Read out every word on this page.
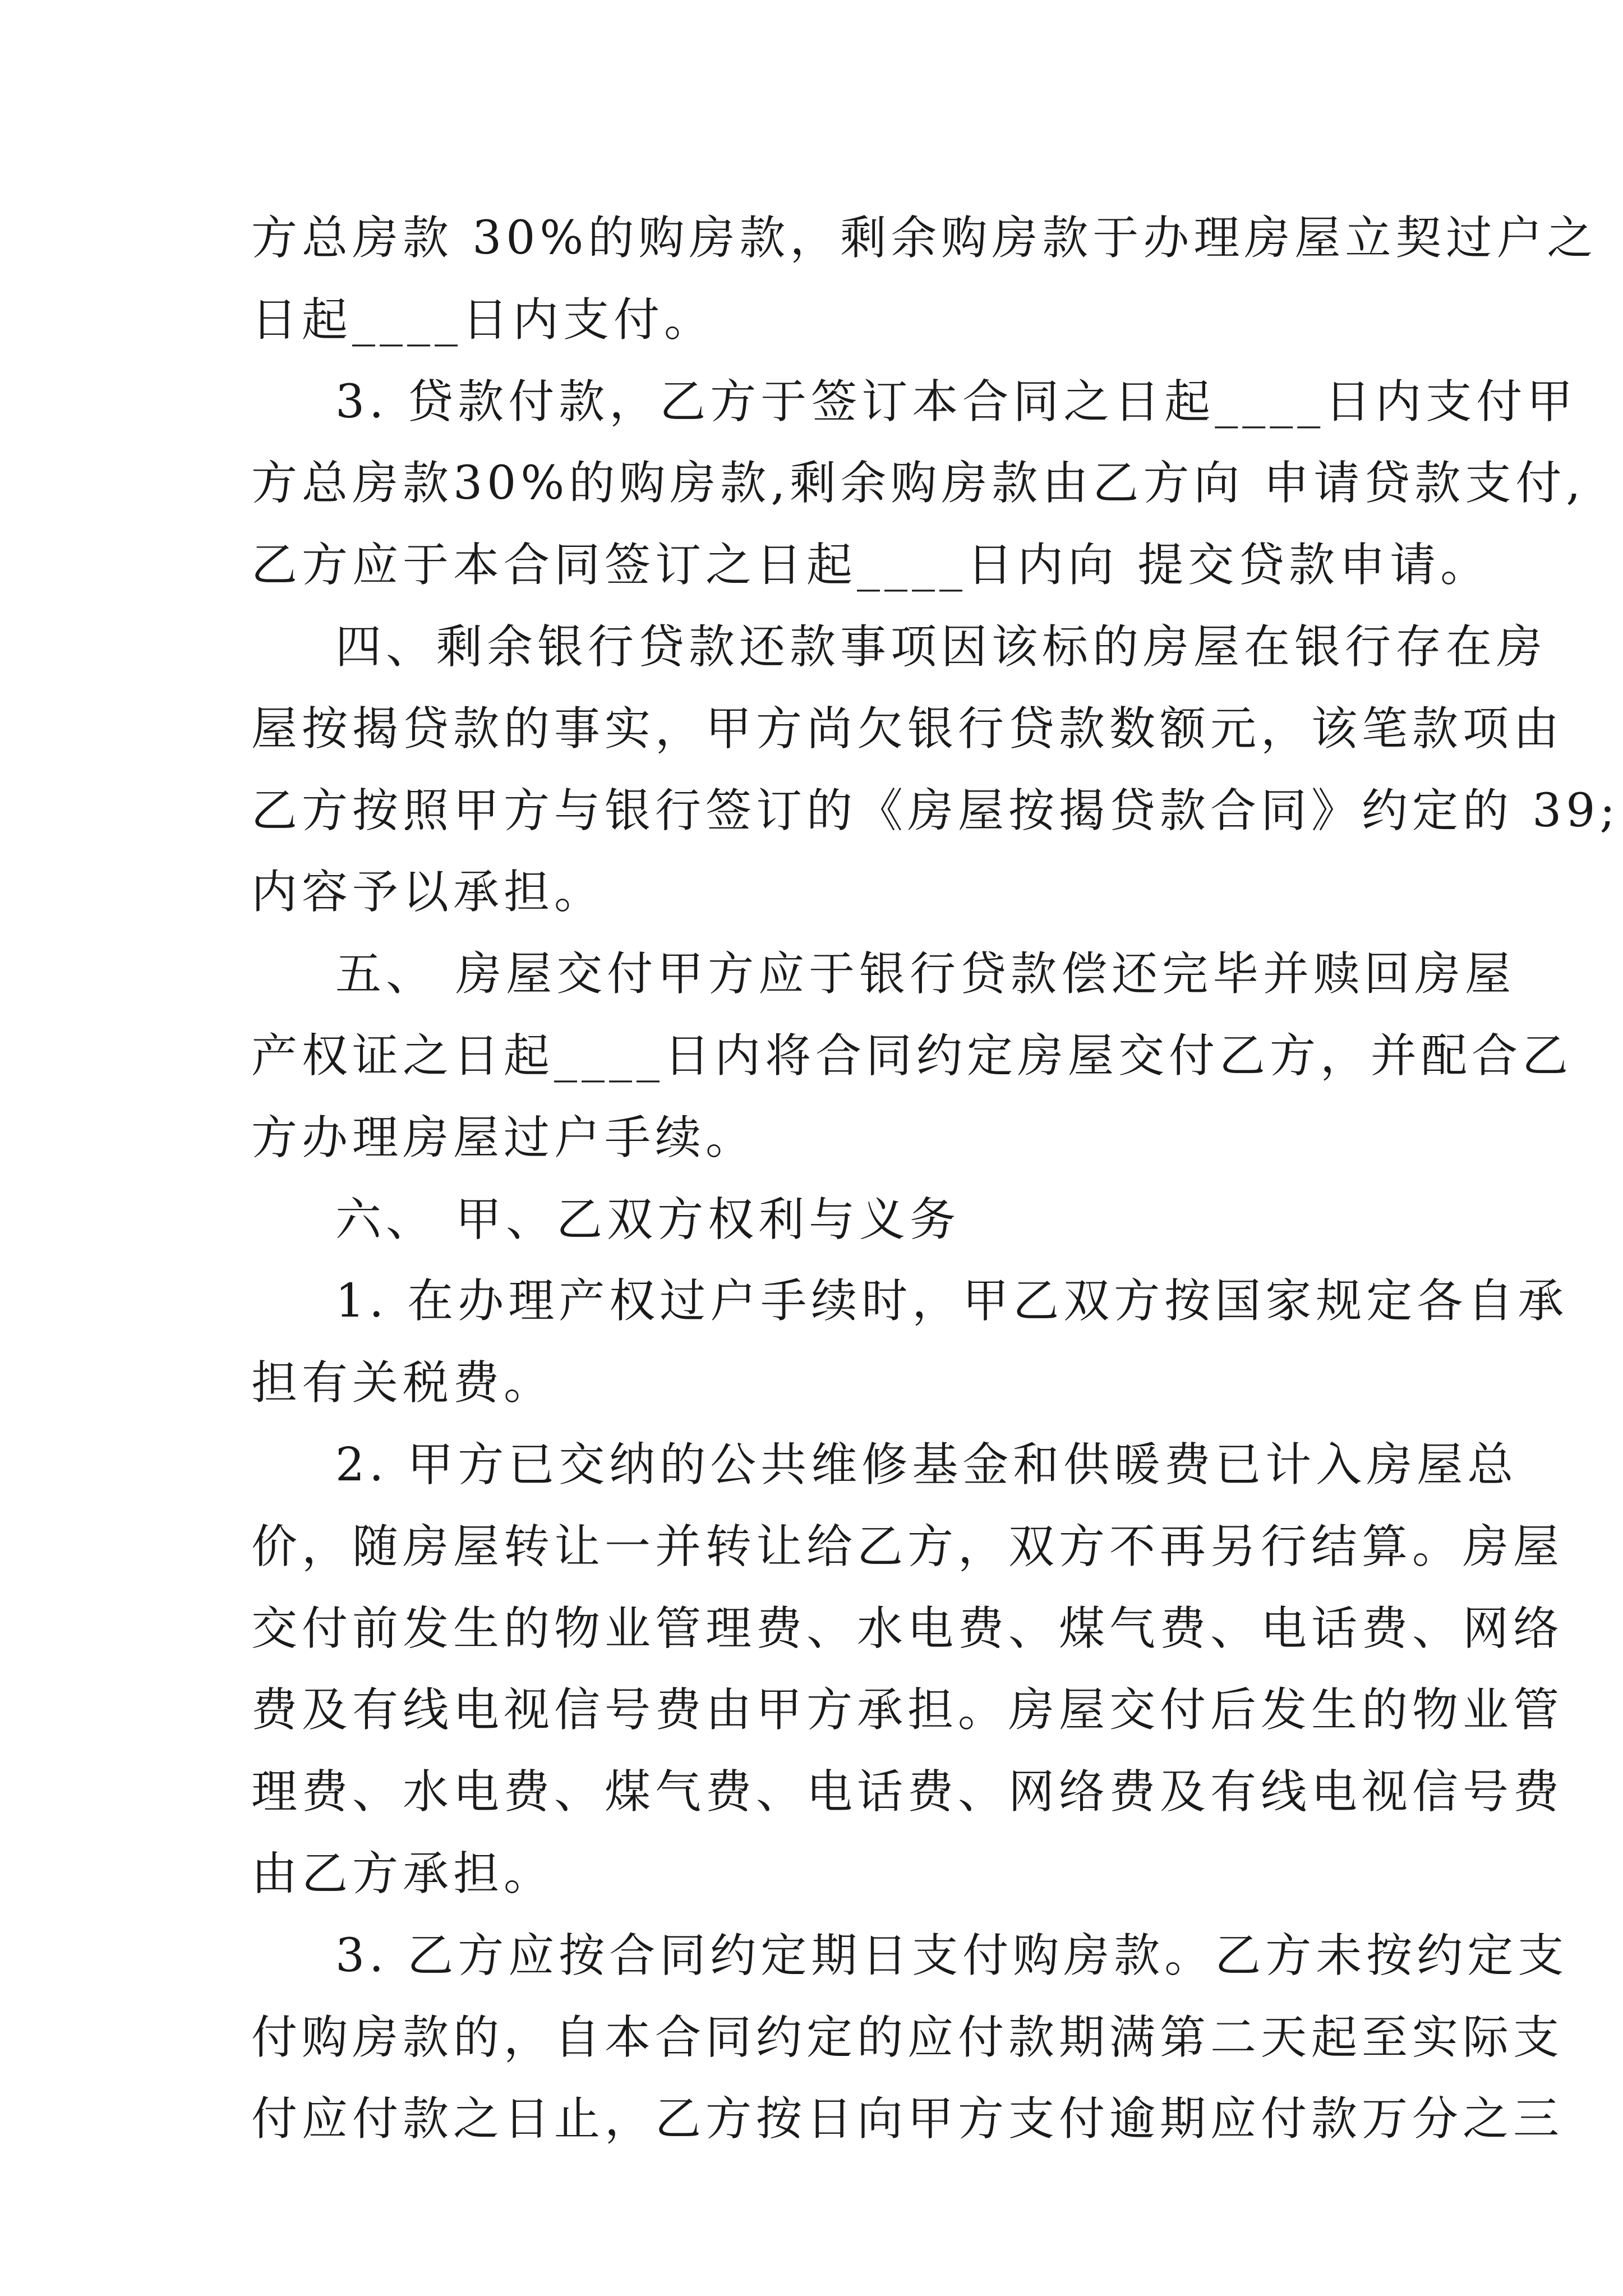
方总房款 30%的购房款，剩余购房款于办理房屋立契过户之
日起____日内支付。
3. 贷款付款，乙方于签订本合同之日起____日内支付甲
方总房款30%的购房款,剩余购房款由乙方向 申请贷款支付,
乙方应于本合同签订之日起____日内向 提交贷款申请。
四、剩余银行贷款还款事项因该标的房屋在银行存在房
屋按揭贷款的事实，甲方尚欠银行贷款数额元，该笔款项由
乙方按照甲方与银行签订的《房屋按揭贷款合同》约定的 39;
内容予以承担。
五、 房屋交付甲方应于银行贷款偿还完毕并赎回房屋
产权证之日起____日内将合同约定房屋交付乙方，并配合乙
方办理房屋过户手续。
六、 甲、乙双方权利与义务
1. 在办理产权过户手续时，甲乙双方按国家规定各自承
担有关税费。
2. 甲方已交纳的公共维修基金和供暖费已计入房屋总
价，随房屋转让一并转让给乙方，双方不再另行结算。房屋
交付前发生的物业管理费、水电费、煤气费、电话费、网络
费及有线电视信号费由甲方承担。房屋交付后发生的物业管
理费、水电费、煤气费、电话费、网络费及有线电视信号费
由乙方承担。
3. 乙方应按合同约定期日支付购房款。乙方未按约定支
付购房款的，自本合同约定的应付款期满第二天起至实际支
付应付款之日止，乙方按日向甲方支付逾期应付款万分之三
